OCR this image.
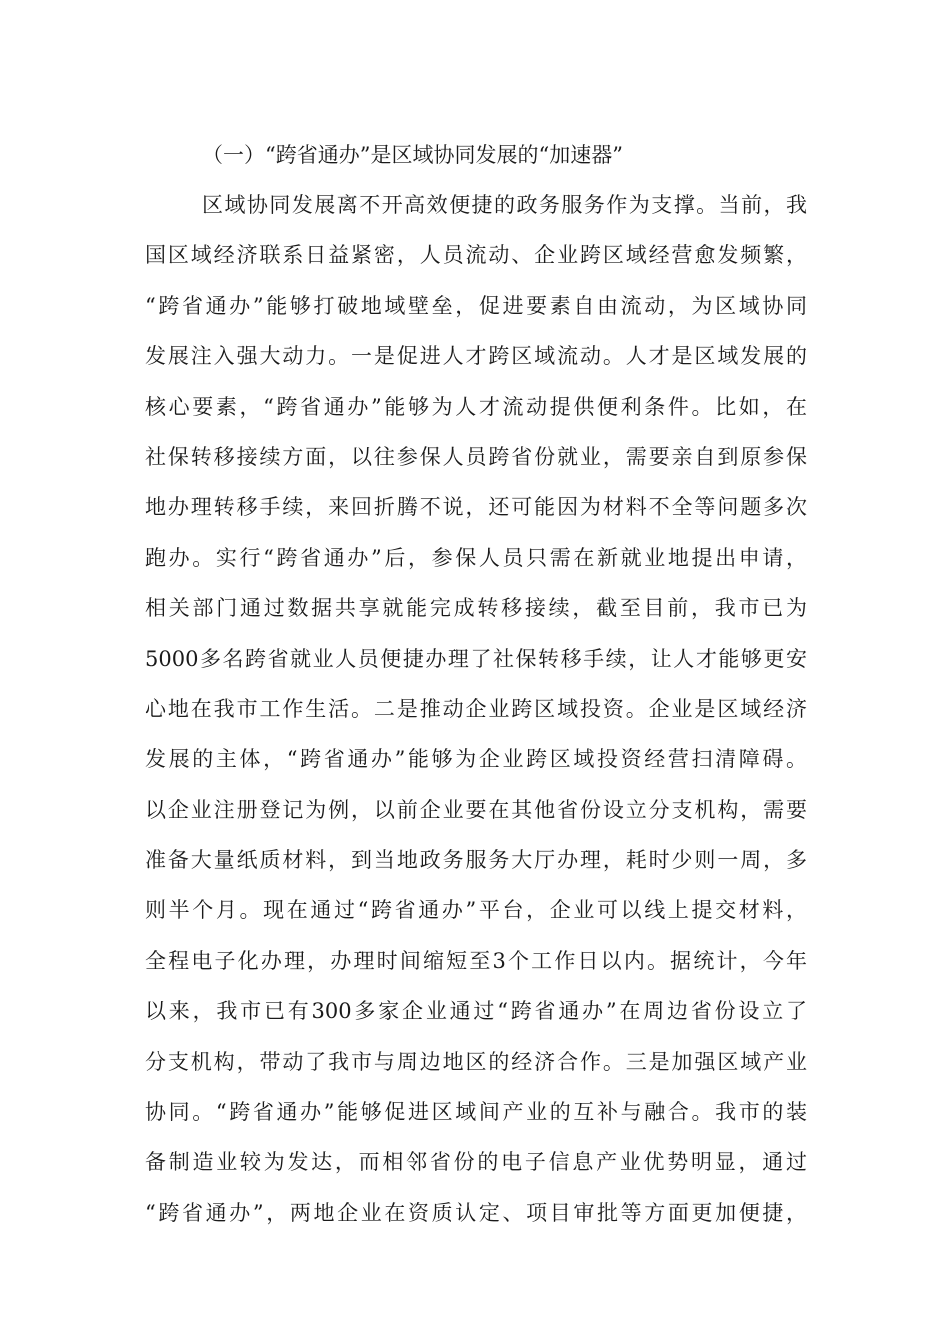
（一）“跨省通办”是区域协同发展的“加速器”
区域协同发展离不开高效便捷的政务服务作为支撑。当前，我
国区域经济联系日益紧密，人员流动、企业跨区域经营愈发频繁，
“跨省通办”能够打破地域壁垒，促进要素自由流动，为区域协同
发展注入强大动力。一是促进人才跨区域流动。人才是区域发展的
核心要素，“跨省通办”能够为人才流动提供便利条件。比如，在
社保转移接续方面，以往参保人员跨省份就业，需要亲自到原参保
地办理转移手续，来回折腾不说，还可能因为材料不全等问题多次
跑办。实行“跨省通办”后，参保人员只需在新就业地提出申请，
相关部门通过数据共享就能完成转移接续，截至目前，我市已为
5000多名跨省就业人员便捷办理了社保转移手续，让人才能够更安
心地在我市工作生活。二是推动企业跨区域投资。企业是区域经济
发展的主体，“跨省通办”能够为企业跨区域投资经营扫清障碍。
以企业注册登记为例，以前企业要在其他省份设立分支机构，需要
准备大量纸质材料，到当地政务服务大厅办理，耗时少则一周，多
则半个月。现在通过“跨省通办”平台，企业可以线上提交材料，
全程电子化办理，办理时间缩短至3个工作日以内。据统计，今年
以来，我市已有300多家企业通过“跨省通办”在周边省份设立了
分支机构，带动了我市与周边地区的经济合作。三是加强区域产业
协同。“跨省通办”能够促进区域间产业的互补与融合。我市的装
备制造业较为发达，而相邻省份的电子信息产业优势明显，通过
“跨省通办”，两地企业在资质认定、项目审批等方面更加便捷，
